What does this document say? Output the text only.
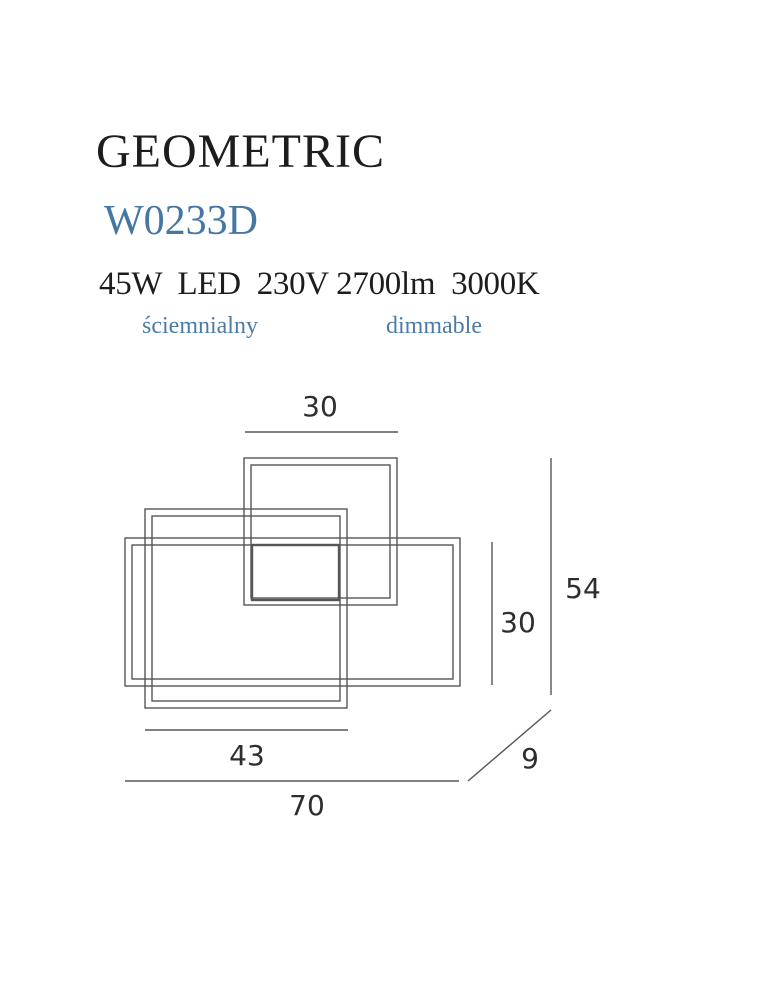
GEOMETRIC
W0233D
45W  LED  230V 2700lm  3000K
ściemnialny	dimmable
30
30
54
43
70
9
